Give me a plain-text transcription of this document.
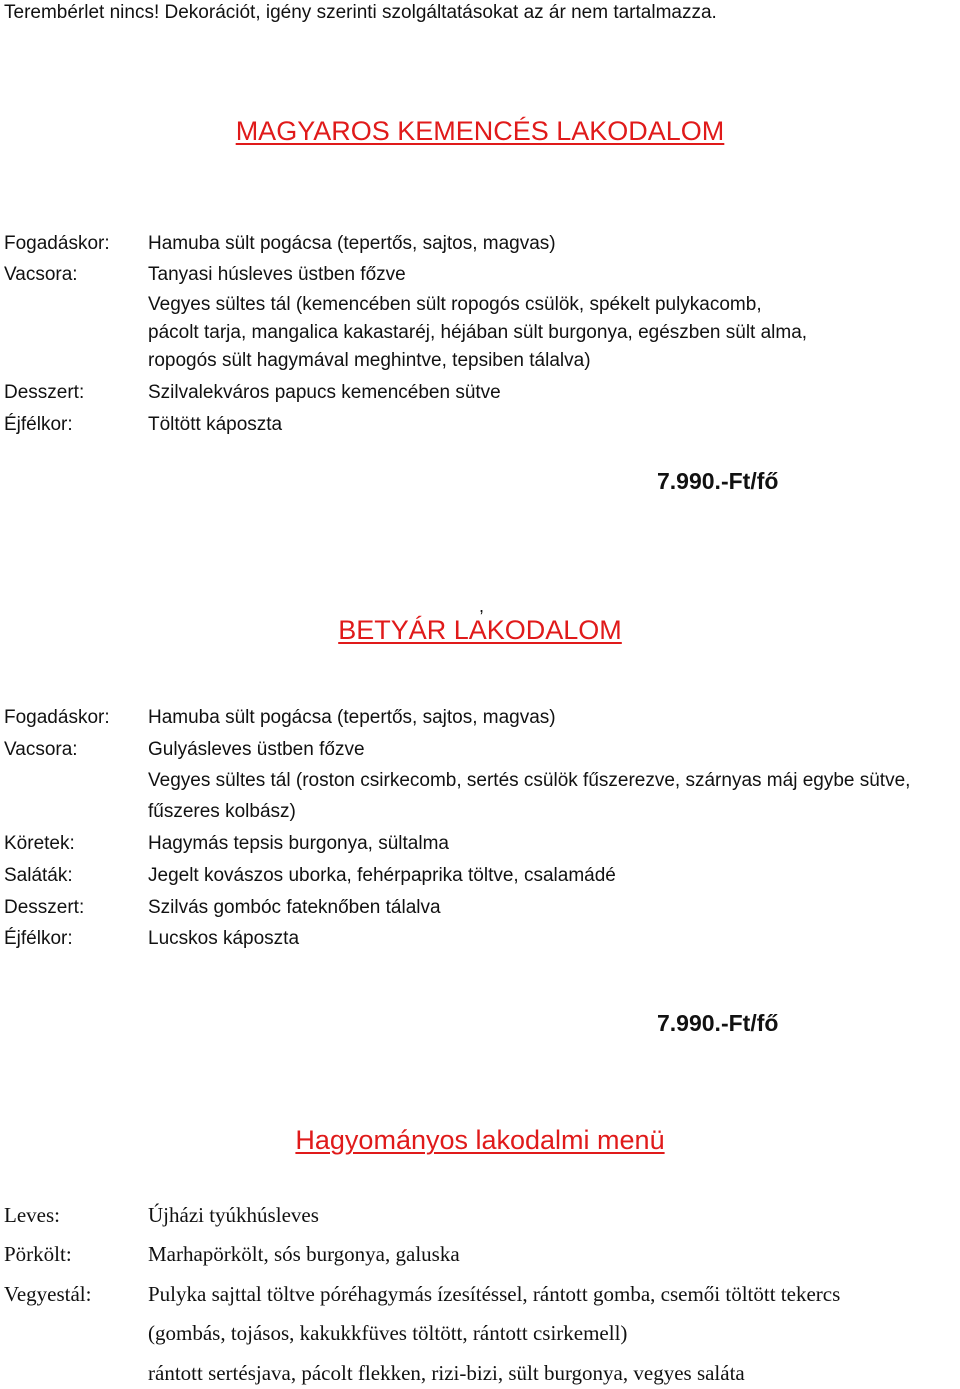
Terembérlet nincs! Dekorációt, igény szerinti szolgáltatásokat az ár nem tartalmazza.
MAGYAROS KEMENCÉS LAKODALOM
Fogadáskor:
Vacsora:
Desszert:
Éjfélkor:
Hamuba sült pogácsa (tepertős, sajtos, magvas)
Tanyasi húsleves üstben főzve
Vegyes sültes tál (kemencében sült ropogós csülök, spékelt pulykacomb,
pácolt tarja, mangalica kakastaréj, héjában sült burgonya, egészben sült alma,
ropogós sült hagymával meghintve, tepsiben tálalva)
Szilvalekváros papucs kemencében sütve
Töltött káposzta
7.990.-Ft/fő
,
BETYÁR LAKODALOM
Fogadáskor:
Vacsora:
Köretek:
Saláták:
Desszert:
Éjfélkor:
Hamuba sült pogácsa (tepertős, sajtos, magvas)
Gulyásleves üstben főzve
Vegyes sültes tál (roston csirkecomb, sertés csülök fűszerezve, szárnyas máj egybe sütve,
fűszeres kolbász)
Hagymás tepsis burgonya, sültalma
Jegelt kovászos uborka, fehérpaprika töltve, csalamádé
Szilvás gombóc fateknőben tálalva
Lucskos káposzta
7.990.-Ft/fő
Hagyományos lakodalmi menü
Leves:
Pörkölt:
Vegyestál:
Újházi tyúkhúsleves
Marhapörkölt, sós burgonya, galuska
Pulyka sajttal töltve póréhagymás ízesítéssel, rántott gomba, csemői töltött tekercs
(gombás, tojásos, kakukkfüves töltött, rántott csirkemell)
rántott sertésjava, pácolt flekken, rizi-bizi, sült burgonya, vegyes saláta
